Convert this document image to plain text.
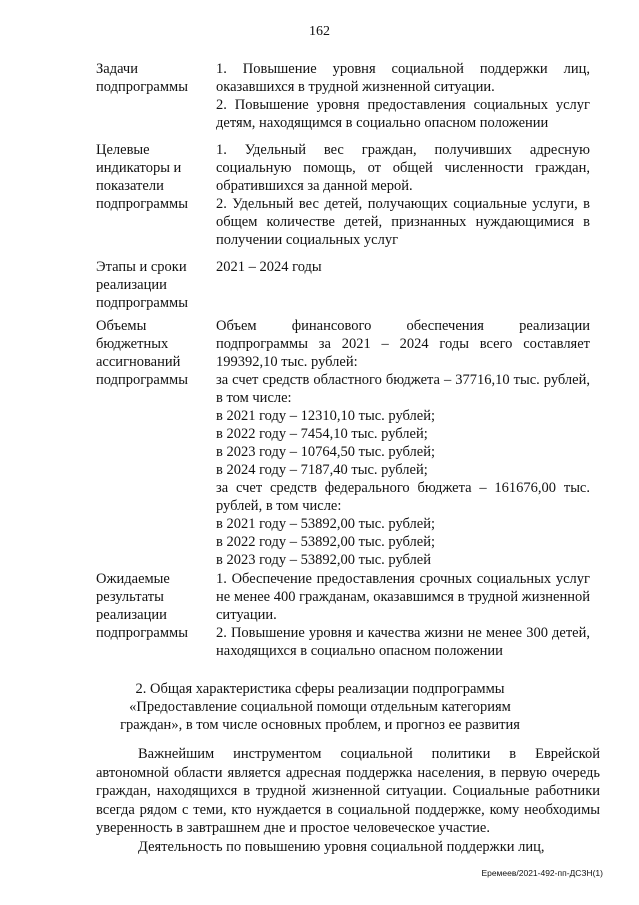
162
Задачи
подпрограммы
1. Повышение уровня социальной поддержки лиц, оказавшихся в трудной жизненной ситуации.
2. Повышение уровня предоставления социальных услуг детям, находящимся в социально опасном положении
Целевые
индикаторы и
показатели
подпрограммы
1. Удельный вес граждан, получивших адресную социальную помощь, от общей численности граждан, обратившихся за данной мерой.
2. Удельный вес детей, получающих социальные услуги, в общем количестве детей, признанных нуждающимися в получении социальных услуг
Этапы и сроки
реализации
подпрограммы
2021 – 2024 годы
Объемы
бюджетных
ассигнований
подпрограммы
Объем финансового обеспечения реализации подпрограммы за 2021 – 2024 годы всего составляет 199392,10 тыс. рублей:
за счет средств областного бюджета – 37716,10 тыс. рублей, в том числе:
в 2021 году – 12310,10 тыс. рублей;
в 2022 году – 7454,10 тыс. рублей;
в 2023 году – 10764,50 тыс. рублей;
в 2024 году – 7187,40 тыс. рублей;
за счет средств федерального бюджета – 161676,00 тыс. рублей, в том числе:
в 2021 году – 53892,00 тыс. рублей;
в 2022 году – 53892,00 тыс. рублей;
в 2023 году – 53892,00 тыс. рублей
Ожидаемые
результаты
реализации
подпрограммы
1. Обеспечение предоставления срочных социальных услуг не менее 400 гражданам, оказавшимся в трудной жизненной ситуации.
2. Повышение уровня и качества жизни не менее 300 детей, находящихся в социально опасном положении
2. Общая характеристика сферы реализации подпрограммы
«Предоставление социальной помощи отдельным категориям
граждан», в том числе основных проблем, и прогноз ее развития
Важнейшим инструментом социальной политики в Еврейской автономной области является адресная поддержка населения, в первую очередь граждан, находящихся в трудной жизненной ситуации. Социальные работники всегда рядом с теми, кто нуждается в социальной поддержке, кому необходимы уверенность в завтрашнем дне и простое человеческое участие.
Деятельность по повышению уровня социальной поддержки лиц,
Еремеев/2021-492-пп-ДСЗН(1)
